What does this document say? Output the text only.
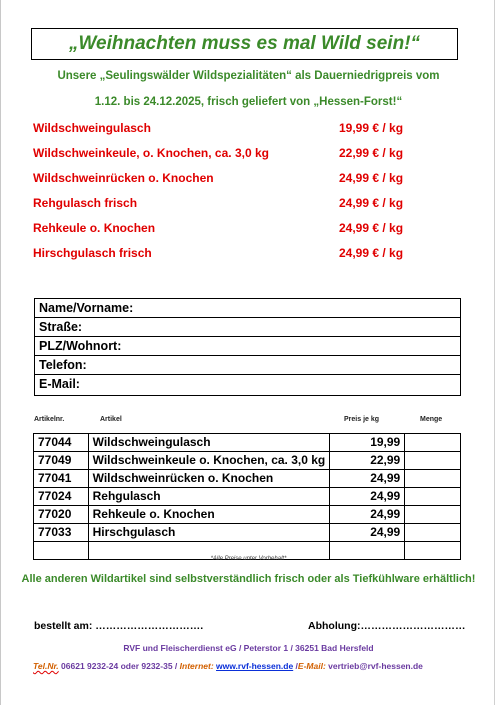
„Weihnachten muss es mal Wild sein!“
Unsere „Seulingswälder Wildspezialitäten“ als Dauerniedrigpreis vom
1.12. bis 24.12.2025, frisch geliefert von „Hessen-Forst!“
Wildschweingulasch	19,99 € / kg
Wildschweinkeule, o. Knochen, ca. 3,0 kg	22,99 € / kg
Wildschweinrücken o. Knochen	24,99 € / kg
Rehgulasch frisch	24,99 € / kg
Rehkeule o. Knochen	24,99 € / kg
Hirschgulasch frisch	24,99 € / kg
Name/Vorname:
Straße:
PLZ/Wohnort:
Telefon:
E-Mail:
Artikelnr.	Artikel	Preis je kg	Menge
77044	Wildschweingulasch	19,99	
77049	Wildschweinkeule o. Knochen, ca. 3,0 kg	22,99	
77041	Wildschweinrücken o. Knochen	24,99	
77024	Rehgulasch	24,99	
77020	Rehkeule o. Knochen	24,99	
77033	Hirschgulasch	24,99	

*Alle Preise unter Vorbehalt*
Alle anderen Wildartikel sind selbstverständlich frisch oder als Tiefkühlware erhältlich!
bestellt am: ………………………….	Abholung:…………………………
RVF und Fleischerdienst eG / Peterstor 1 / 36251 Bad Hersfeld
Tel.Nr. 06621 9232-24 oder 9232-35 / Internet: www.rvf-hessen.de /E-Mail: vertrieb@rvf-hessen.de
